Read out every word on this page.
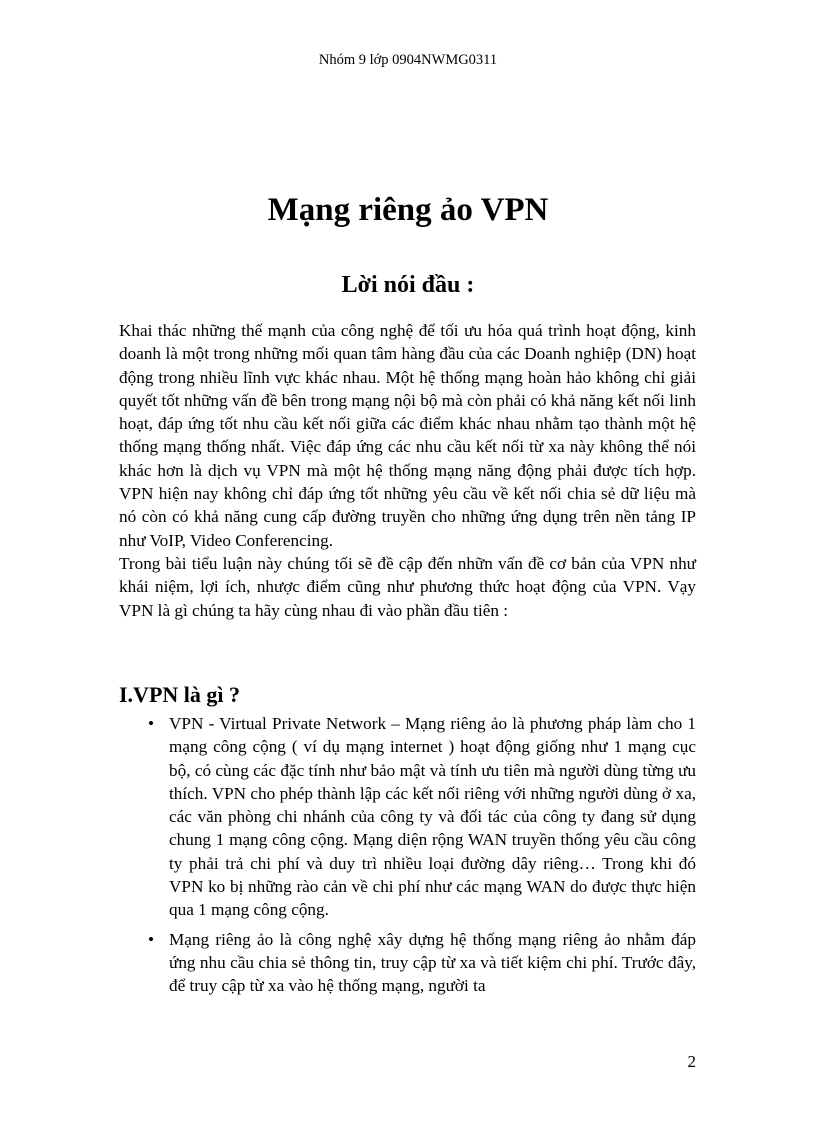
Nhóm 9 lớp 0904NWMG0311
Mạng riêng ảo VPN
Lời nói đầu :

Khai thác những thế mạnh của công nghệ để tối ưu hóa quá trình hoạt động, kinh doanh là một trong những mối quan tâm hàng đầu của các Doanh nghiệp (DN) hoạt động trong nhiều lĩnh vực khác nhau. Một hệ thống mạng hoàn hảo không chỉ giải quyết tốt những vấn đề bên trong mạng nội bộ mà còn phải có khả năng kết nối linh hoạt, đáp ứng tốt nhu cầu kết nối giữa các điểm khác nhau nhằm tạo thành một hệ thống mạng thống nhất. Việc đáp ứng các nhu cầu kết nối từ xa này không thể nói khác hơn là dịch vụ VPN mà một hệ thống mạng năng động phải được tích hợp. VPN hiện nay không chỉ đáp ứng tốt những yêu cầu về kết nối chia sẻ dữ liệu mà nó còn có khả năng cung cấp đường truyền cho những ứng dụng trên nền tảng IP như VoIP, Video Conferencing.

Trong bài tiểu luận này chúng tối sẽ đề cập đến nhữn vấn đề cơ bản của VPN như khái niệm, lợi ích, nhược điểm cũng như phương thức hoạt động của VPN. Vạy VPN là gì chúng ta hãy cùng nhau đi vào phần đầu tiên :

I.VPN là gì ?
• VPN - Virtual Private Network – Mạng riêng ảo là phương pháp làm cho 1 mạng công cộng ( ví dụ mạng internet ) hoạt động giống như 1 mạng cục bộ, có cùng các đặc tính như bảo mật và tính ưu tiên mà người dùng từng ưu thích. VPN cho phép thành lập các kết nối riêng với những người dùng ở xa, các văn phòng chi nhánh của công ty và đối tác của công ty đang sử dụng chung 1 mạng công cộng. Mạng diện rộng WAN truyền thống yêu cầu công ty phải trả chi phí và duy trì nhiều loại đường dây riêng… Trong khi đó VPN ko bị những rào cản về chi phí như các mạng WAN do được thực hiện qua 1 mạng công cộng.
• Mạng riêng ảo là công nghệ xây dựng hệ thống mạng riêng ảo nhằm đáp ứng nhu cầu chia sẻ thông tin, truy cập từ xa và tiết kiệm chi phí. Trước đây, để truy cập từ xa vào hệ thống mạng, người ta
2
